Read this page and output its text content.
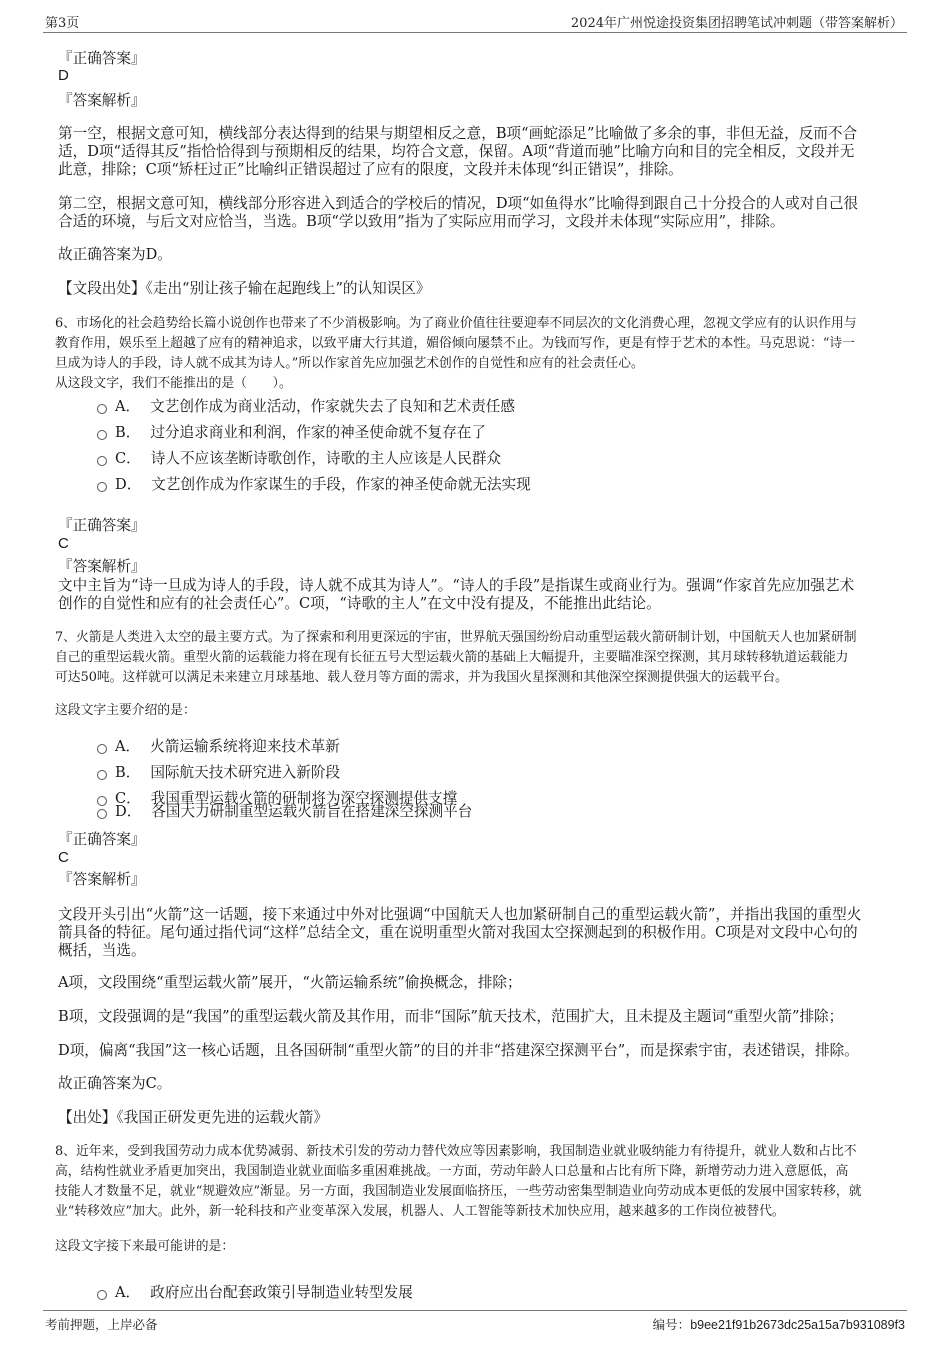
第3页	2024年广州悦途投资集团招聘笔试冲刺题（带答案解析）
『正确答案』
D
『答案解析』
第一空，根据文意可知，横线部分表达得到的结果与期望相反之意，B项“画蛇添足”比喻做了多余的事，非但无益，反而不合
适，D项“适得其反”指恰恰得到与预期相反的结果，均符合文意，保留。A项“背道而驰”比喻方向和目的完全相反，文段并无
此意，排除；C项“矫枉过正”比喻纠正错误超过了应有的限度，文段并未体现“纠正错误”，排除。
第二空，根据文意可知，横线部分形容进入到适合的学校后的情况，D项“如鱼得水”比喻得到跟自己十分投合的人或对自己很
合适的环境，与后文对应恰当，当选。B项“学以致用”指为了实际应用而学习，文段并未体现“实际应用”，排除。
故正确答案为D。
【文段出处】《走出“别让孩子输在起跑线上”的认知误区》
6、市场化的社会趋势给长篇小说创作也带来了不少消极影响。为了商业价值往往要迎奉不同层次的文化消费心理，忽视文学应有的认识作用与
教育作用，娱乐至上超越了应有的精神追求，以致平庸大行其道，媚俗倾向屡禁不止。为钱而写作，更是有悖于艺术的本性。马克思说：“诗一
旦成为诗人的手段，诗人就不成其为诗人。”所以作家首先应加强艺术创作的自觉性和应有的社会责任心。
从这段文字，我们不能推出的是（　　）。
A． 文艺创作成为商业活动，作家就失去了良知和艺术责任感
B． 过分追求商业和利润，作家的神圣使命就不复存在了
C． 诗人不应该垄断诗歌创作，诗歌的主人应该是人民群众
D． 文艺创作成为作家谋生的手段，作家的神圣使命就无法实现
『正确答案』
C
『答案解析』
文中主旨为“诗一旦成为诗人的手段，诗人就不成其为诗人”。“诗人的手段”是指谋生或商业行为。强调“作家首先应加强艺术
创作的自觉性和应有的社会责任心”。C项，“诗歌的主人”在文中没有提及，不能推出此结论。
7、火箭是人类进入太空的最主要方式。为了探索和利用更深远的宇宙，世界航天强国纷纷启动重型运载火箭研制计划，中国航天人也加紧研制
自己的重型运载火箭。重型火箭的运载能力将在现有长征五号大型运载火箭的基础上大幅提升，主要瞄准深空探测，其月球转移轨道运载能力
可达50吨。这样就可以满足未来建立月球基地、载人登月等方面的需求，并为我国火星探测和其他深空探测提供强大的运载平台。
这段文字主要介绍的是：
A． 火箭运输系统将迎来技术革新
B． 国际航天技术研究进入新阶段
C． 我国重型运载火箭的研制将为深空探测提供支撑
D． 各国大力研制重型运载火箭旨在搭建深空探测平台
『正确答案』
C
『答案解析』
文段开头引出“火箭”这一话题，接下来通过中外对比强调“中国航天人也加紧研制自己的重型运载火箭”，并指出我国的重型火
箭具备的特征。尾句通过指代词“这样”总结全文，重在说明重型火箭对我国太空探测起到的积极作用。C项是对文段中心句的
概括，当选。
A项，文段围绕“重型运载火箭”展开，“火箭运输系统”偷换概念，排除；
B项，文段强调的是“我国”的重型运载火箭及其作用，而非“国际”航天技术，范围扩大，且未提及主题词“重型火箭”排除；
D项，偏离“我国”这一核心话题，且各国研制“重型火箭”的目的并非“搭建深空探测平台”，而是探索宇宙，表述错误，排除。
故正确答案为C。
【出处】《我国正研发更先进的运载火箭》
8、近年来，受到我国劳动力成本优势减弱、新技术引发的劳动力替代效应等因素影响，我国制造业就业吸纳能力有待提升，就业人数和占比不
高，结构性就业矛盾更加突出，我国制造业就业面临多重困难挑战。一方面，劳动年龄人口总量和占比有所下降，新增劳动力进入意愿低，高
技能人才数量不足，就业“规避效应”渐显。另一方面，我国制造业发展面临挤压，一些劳动密集型制造业向劳动成本更低的发展中国家转移，就
业“转移效应”加大。此外，新一轮科技和产业变革深入发展，机器人、人工智能等新技术加快应用，越来越多的工作岗位被替代。
这段文字接下来最可能讲的是：
A． 政府应出台配套政策引导制造业转型发展
考前押题，上岸必备	编号：b9ee21f91b2673dc25a15a7b931089f3
